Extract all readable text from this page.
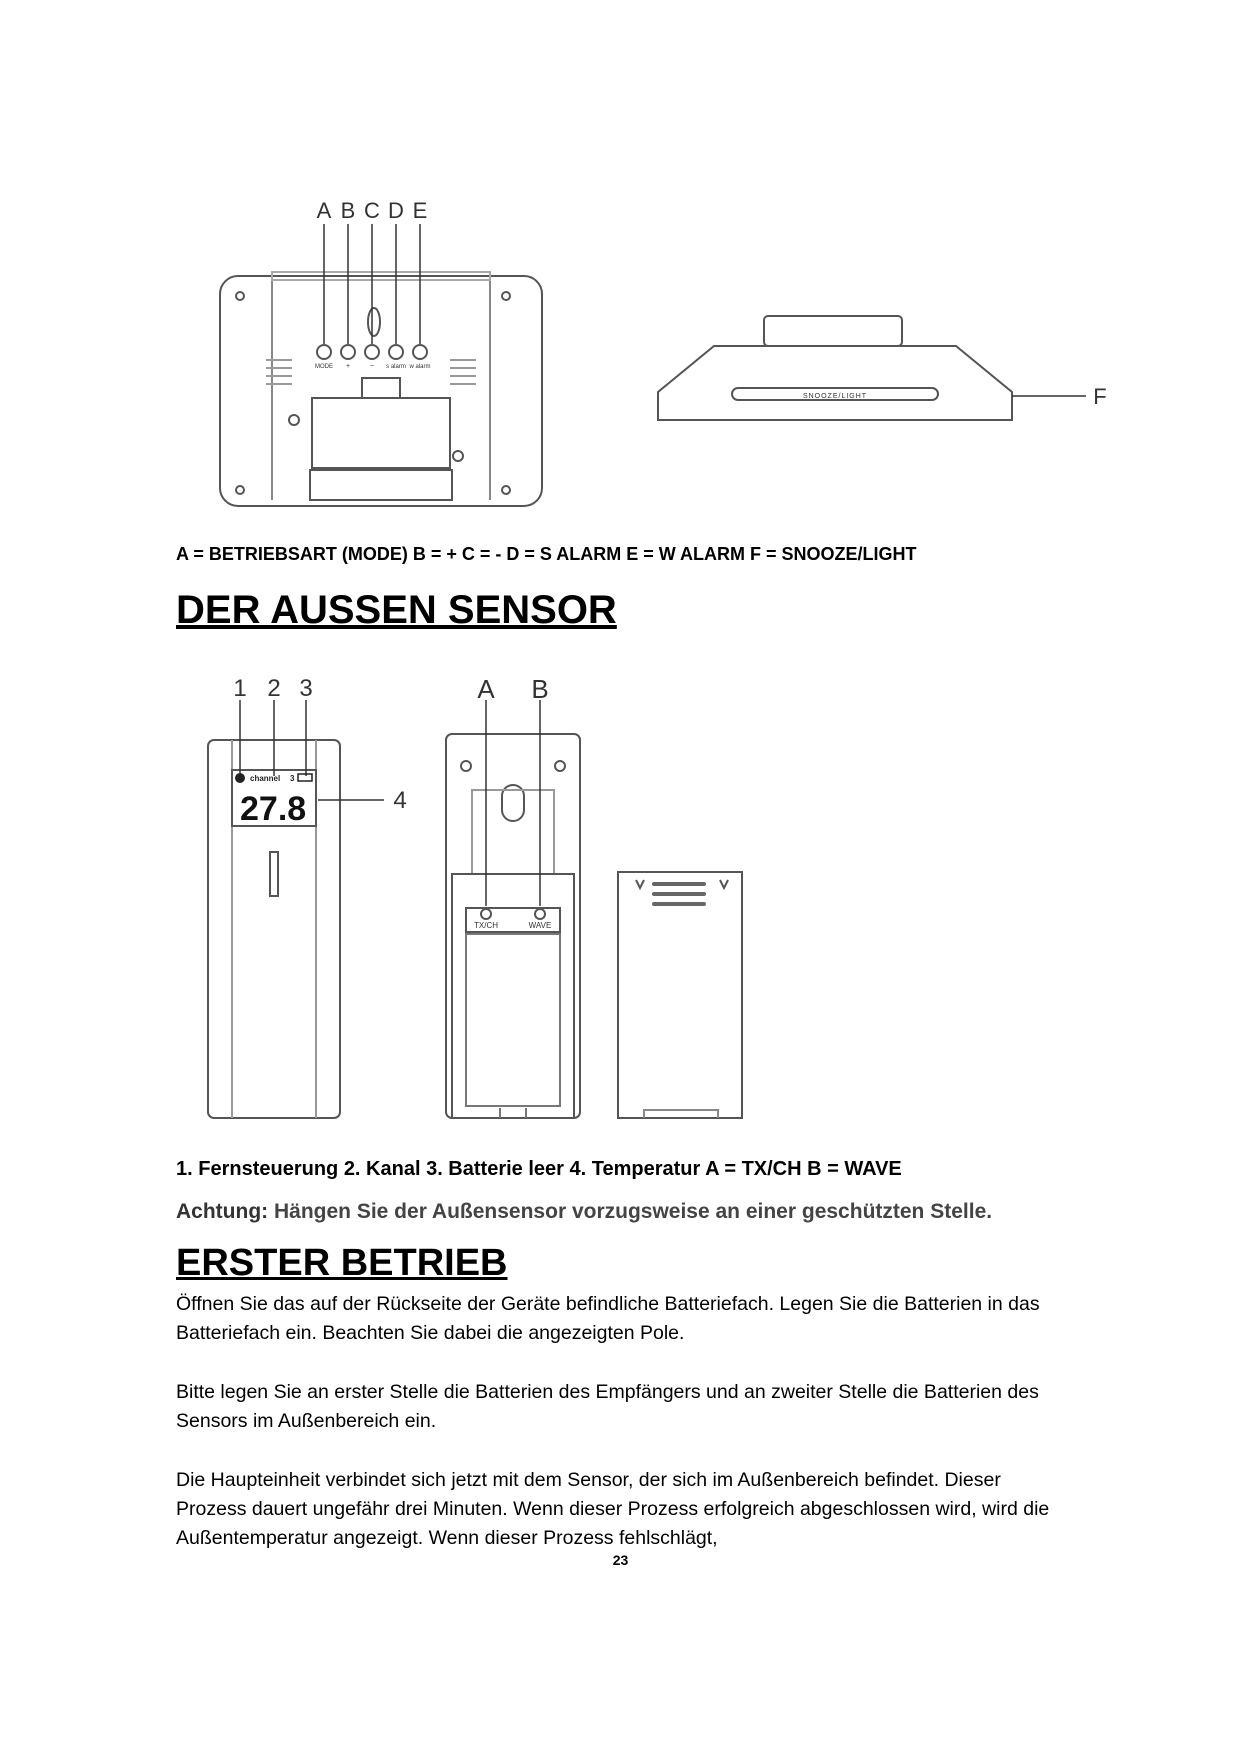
A B C D E
MODE +	− s alarm w alarm
SNOOZE/LIGHT	F
A = BETRIEBSART (MODE) B = + C = - D = S ALARM E = W ALARM F = SNOOZE/LIGHT
DER AUSSEN SENSOR
1 2 3
4
channel 3
27.8
A B
TX/CH	WAVE
1. Fernsteuerung 2. Kanal 3. Batterie leer 4. Temperatur A = TX/CH B = WAVE
Achtung: Hängen Sie der Außensensor vorzugsweise an einer geschützten Stelle.
ERSTER BETRIEB

Öffnen Sie das auf der Rückseite der Geräte befindliche Batteriefach. Legen Sie die Batterien in das Batteriefach ein. Beachten Sie dabei die angezeigten Pole.

Bitte legen Sie an erster Stelle die Batterien des Empfängers und an zweiter Stelle die Batterien des Sensors im Außenbereich ein.

Die Haupteinheit verbindet sich jetzt mit dem Sensor, der sich im Außenbereich befindet. Dieser Prozess dauert ungefähr drei Minuten. Wenn dieser Prozess erfolgreich abgeschlossen wird, wird die Außentemperatur angezeigt. Wenn dieser Prozess fehlschlägt,

23
